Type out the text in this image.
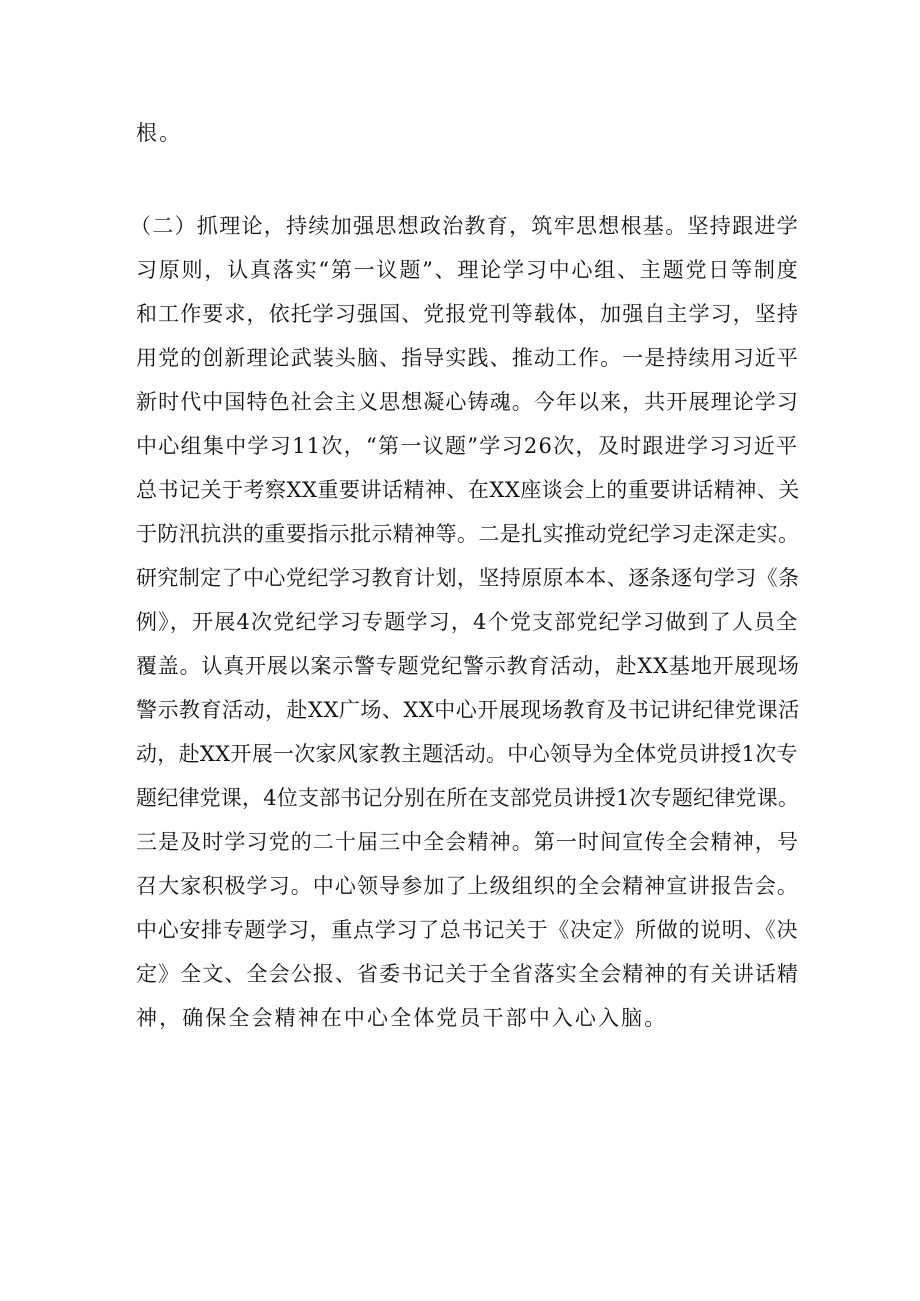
根。
（二）抓理论，持续加强思想政治教育，筑牢思想根基。坚持跟进学
习原则，认真落实“第一议题”、理论学习中心组、主题党日等制度
和工作要求，依托学习强国、党报党刊等载体，加强自主学习，坚持
用党的创新理论武装头脑、指导实践、推动工作。一是持续用习近平
新时代中国特色社会主义思想凝心铸魂。今年以来，共开展理论学习
中心组集中学习11次，“第一议题”学习26次，及时跟进学习习近平
总书记关于考察XX重要讲话精神、在XX座谈会上的重要讲话精神、关
于防汛抗洪的重要指示批示精神等。二是扎实推动党纪学习走深走实。
研究制定了中心党纪学习教育计划，坚持原原本本、逐条逐句学习《条
例》，开展4次党纪学习专题学习，4个党支部党纪学习做到了人员全
覆盖。认真开展以案示警专题党纪警示教育活动，赴XX基地开展现场
警示教育活动，赴XX广场、XX中心开展现场教育及书记讲纪律党课活
动，赴XX开展一次家风家教主题活动。中心领导为全体党员讲授1次专
题纪律党课，4位支部书记分别在所在支部党员讲授1次专题纪律党课。
三是及时学习党的二十届三中全会精神。第一时间宣传全会精神，号
召大家积极学习。中心领导参加了上级组织的全会精神宣讲报告会。
中心安排专题学习，重点学习了总书记关于《决定》所做的说明、《决
定》全文、全会公报、省委书记关于全省落实全会精神的有关讲话精
神，确保全会精神在中心全体党员干部中入心入脑。
